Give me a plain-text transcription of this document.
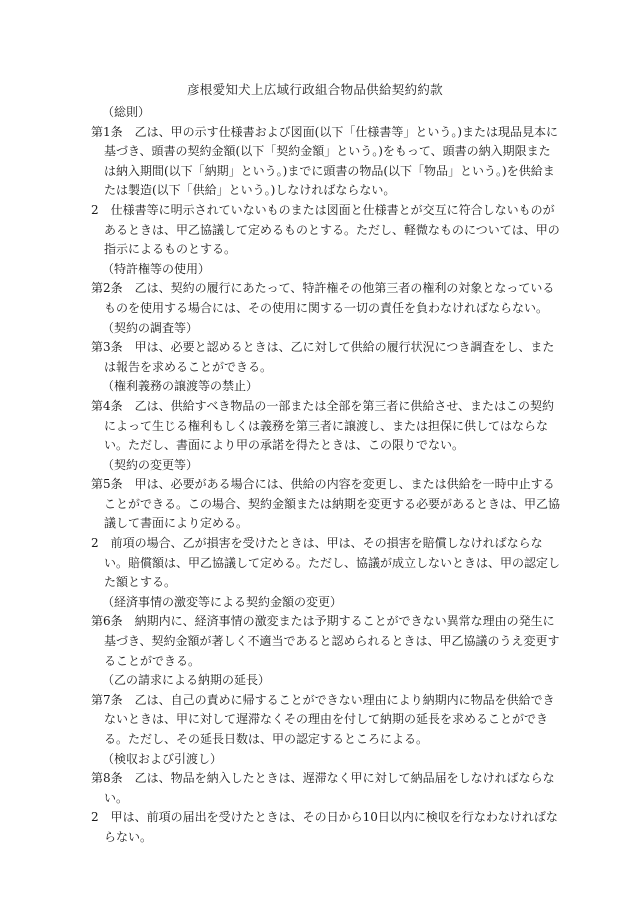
彦根愛知犬上広域行政組合物品供給契約約款
（総則）
第1条　乙は、甲の示す仕様書および図面(以下「仕様書等」という。)または現品見本に
基づき、頭書の契約金額(以下「契約金額」という。)をもって、頭書の納入期限また
は納入期間(以下「納期」という。)までに頭書の物品(以下「物品」という。)を供給ま
たは製造(以下「供給」という。)しなければならない。
2　仕様書等に明示されていないものまたは図面と仕様書とが交互に符合しないものが
あるときは、甲乙協議して定めるものとする。ただし、軽微なものについては、甲の
指示によるものとする。
（特許権等の使用）
第2条　乙は、契約の履行にあたって、特許権その他第三者の権利の対象となっている
ものを使用する場合には、その使用に関する一切の責任を負わなければならない。
（契約の調査等）
第3条　甲は、必要と認めるときは、乙に対して供給の履行状況につき調査をし、また
は報告を求めることができる。
（権利義務の譲渡等の禁止）
第4条　乙は、供給すべき物品の一部または全部を第三者に供給させ、またはこの契約
によって生じる権利もしくは義務を第三者に譲渡し、または担保に供してはならな
い。ただし、書面により甲の承諾を得たときは、この限りでない。
（契約の変更等）
第5条　甲は、必要がある場合には、供給の内容を変更し、または供給を一時中止する
ことができる。この場合、契約金額または納期を変更する必要があるときは、甲乙協
議して書面により定める。
2　前項の場合、乙が損害を受けたときは、甲は、その損害を賠償しなければならな
い。賠償額は、甲乙協議して定める。ただし、協議が成立しないときは、甲の認定し
た額とする。
（経済事情の激変等による契約金額の変更）
第6条　納期内に、経済事情の激変または予期することができない異常な理由の発生に
基づき、契約金額が著しく不適当であると認められるときは、甲乙協議のうえ変更す
ることができる。
（乙の請求による納期の延長）
第7条　乙は、自己の責めに帰することができない理由により納期内に物品を供給でき
ないときは、甲に対して遅滞なくその理由を付して納期の延長を求めることができ
る。ただし、その延長日数は、甲の認定するところによる。
（検収および引渡し）
第8条　乙は、物品を納入したときは、遅滞なく甲に対して納品届をしなければならな
い。
2　甲は、前項の届出を受けたときは、その日から10日以内に検収を行なわなければな
らない。
